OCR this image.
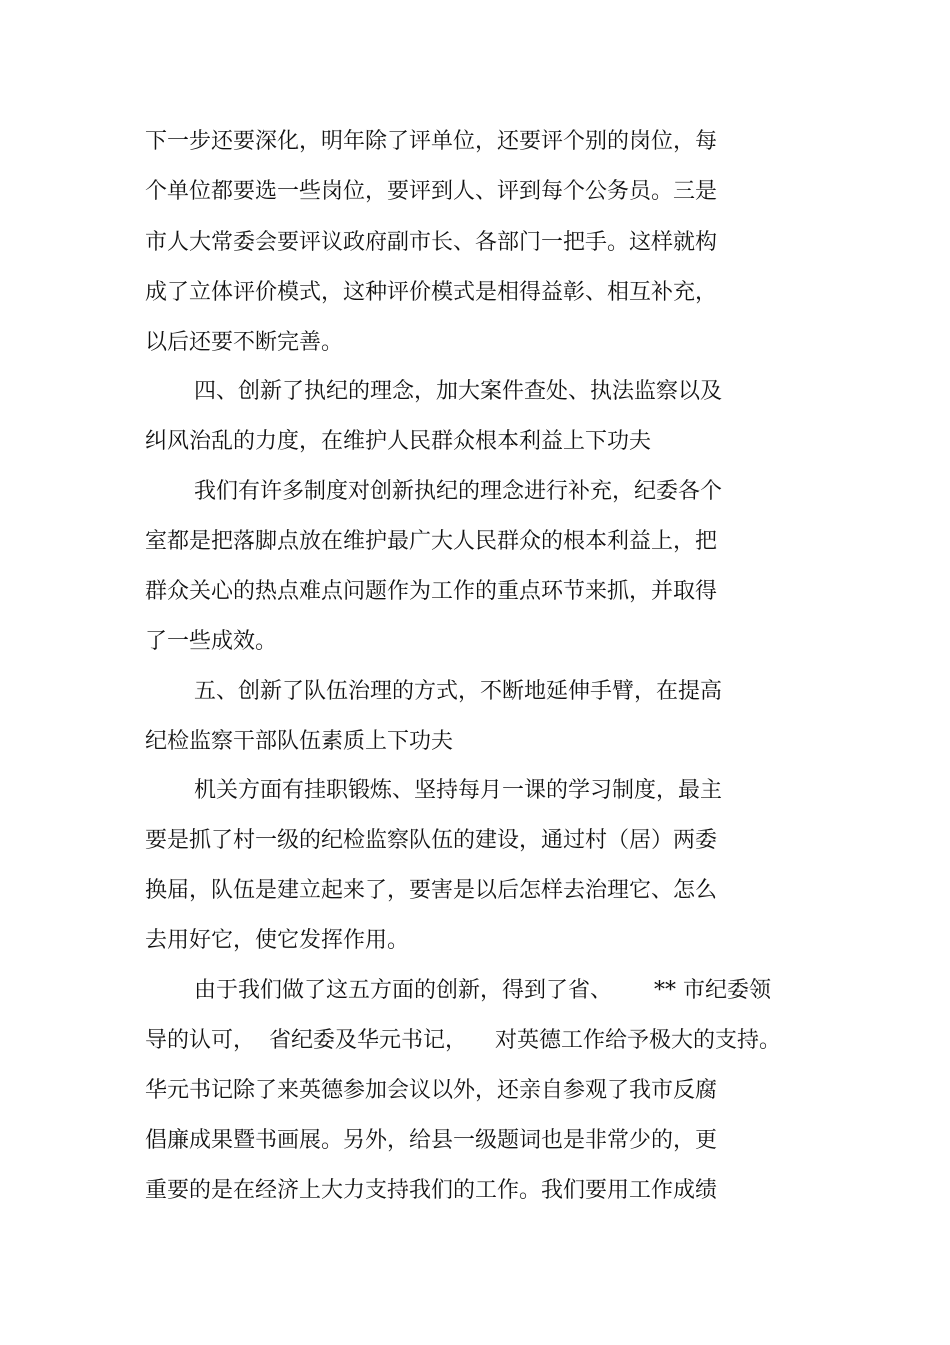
下一步还要深化，明年除了评单位，还要评个别的岗位，每
个单位都要选一些岗位，要评到人、评到每个公务员。三是
市人大常委会要评议政府副市长、各部门一把手。这样就构
成了立体评价模式，这种评价模式是相得益彰、相互补充，
以后还要不断完善。
四、创新了执纪的理念，加大案件查处、执法监察以及
纠风治乱的力度，在维护人民群众根本利益上下功夫
我们有许多制度对创新执纪的理念进行补充，纪委各个
室都是把落脚点放在维护最广大人民群众的根本利益上，把
群众关心的热点难点问题作为工作的重点环节来抓，并取得
了一些成效。
五、创新了队伍治理的方式，不断地延伸手臂，在提高
纪检监察干部队伍素质上下功夫
机关方面有挂职锻炼、坚持每月一课的学习制度，最主
要是抓了村一级的纪检监察队伍的建设，通过村（居）两委
换届，队伍是建立起来了，要害是以后怎样去治理它、怎么
去用好它，使它发挥作用。
由于我们做了这五方面的创新，得到了省、      ** 市纪委领
导的认可，  省纪委及华元书记，    对英德工作给予极大的支持。
华元书记除了来英德参加会议以外，还亲自参观了我市反腐
倡廉成果暨书画展。另外，给县一级题词也是非常少的，更
重要的是在经济上大力支持我们的工作。我们要用工作成绩
